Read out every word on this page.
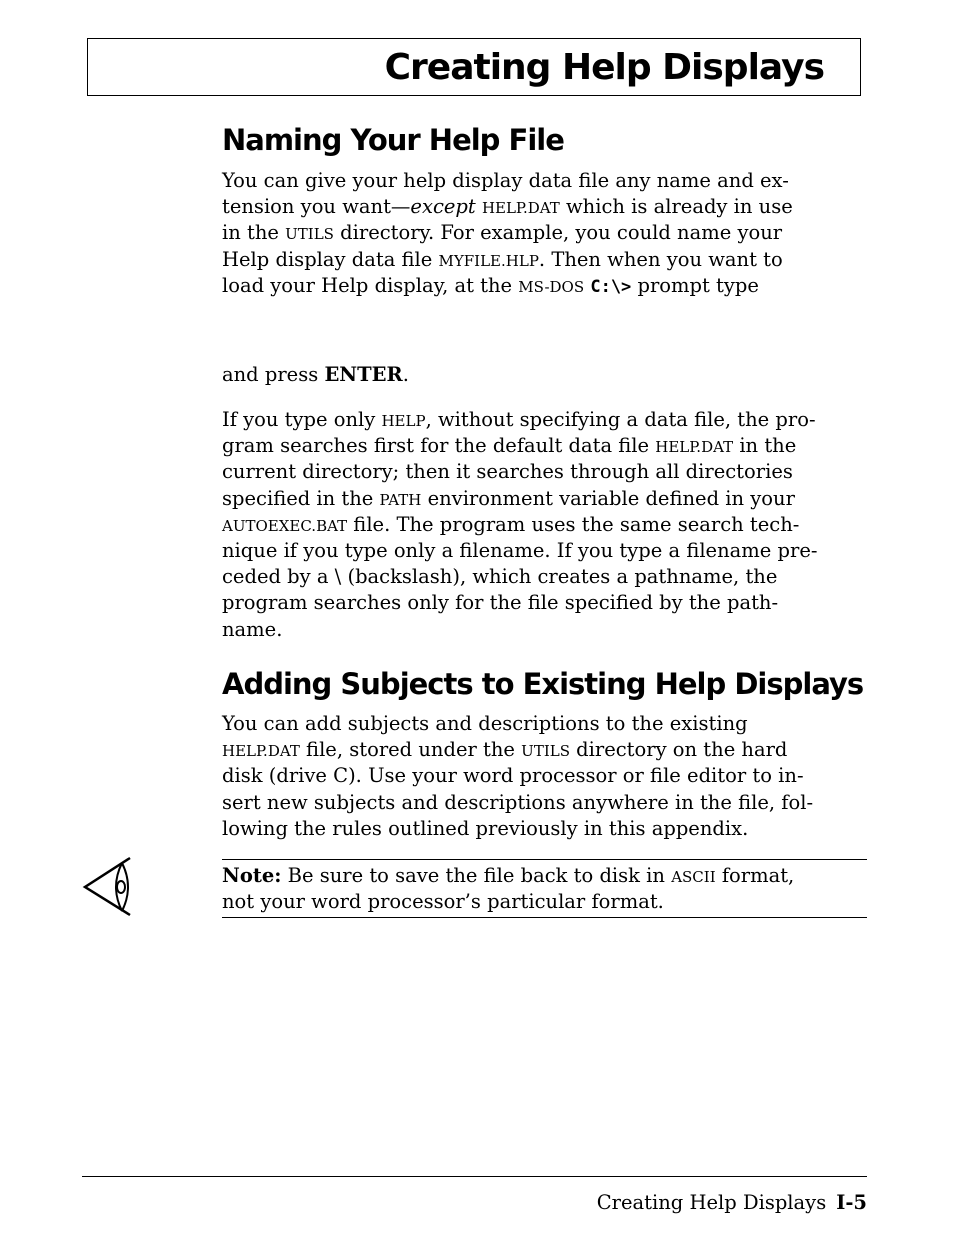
Creating Help Displays
Naming Your Help File
You can give your help display data file any name and ex-
tension you want—except HELP.DAT which is already in use
in the UTILS directory. For example, you could name your
Help display data file MYFILE.HLP. Then when you want to
load your Help display, at the MS-DOS C:\> prompt type
and press ENTER.
If you type only HELP, without specifying a data file, the pro-
gram searches first for the default data file HELP.DAT in the
current directory; then it searches through all directories
specified in the PATH environment variable defined in your
AUTOEXEC.BAT file. The program uses the same search tech-
nique if you type only a filename. If you type a filename pre-
ceded by a \ (backslash), which creates a pathname, the
program searches only for the file specified by the path-
name.
Adding Subjects to Existing Help Displays
You can add subjects and descriptions to the existing
HELP.DAT file, stored under the UTILS directory on the hard
disk (drive C). Use your word processor or file editor to in-
sert new subjects and descriptions anywhere in the file, fol-
lowing the rules outlined previously in this appendix.
Note: Be sure to save the file back to disk in ASCII format,
not your word processor’s particular format.
Creating Help Displays I-5
